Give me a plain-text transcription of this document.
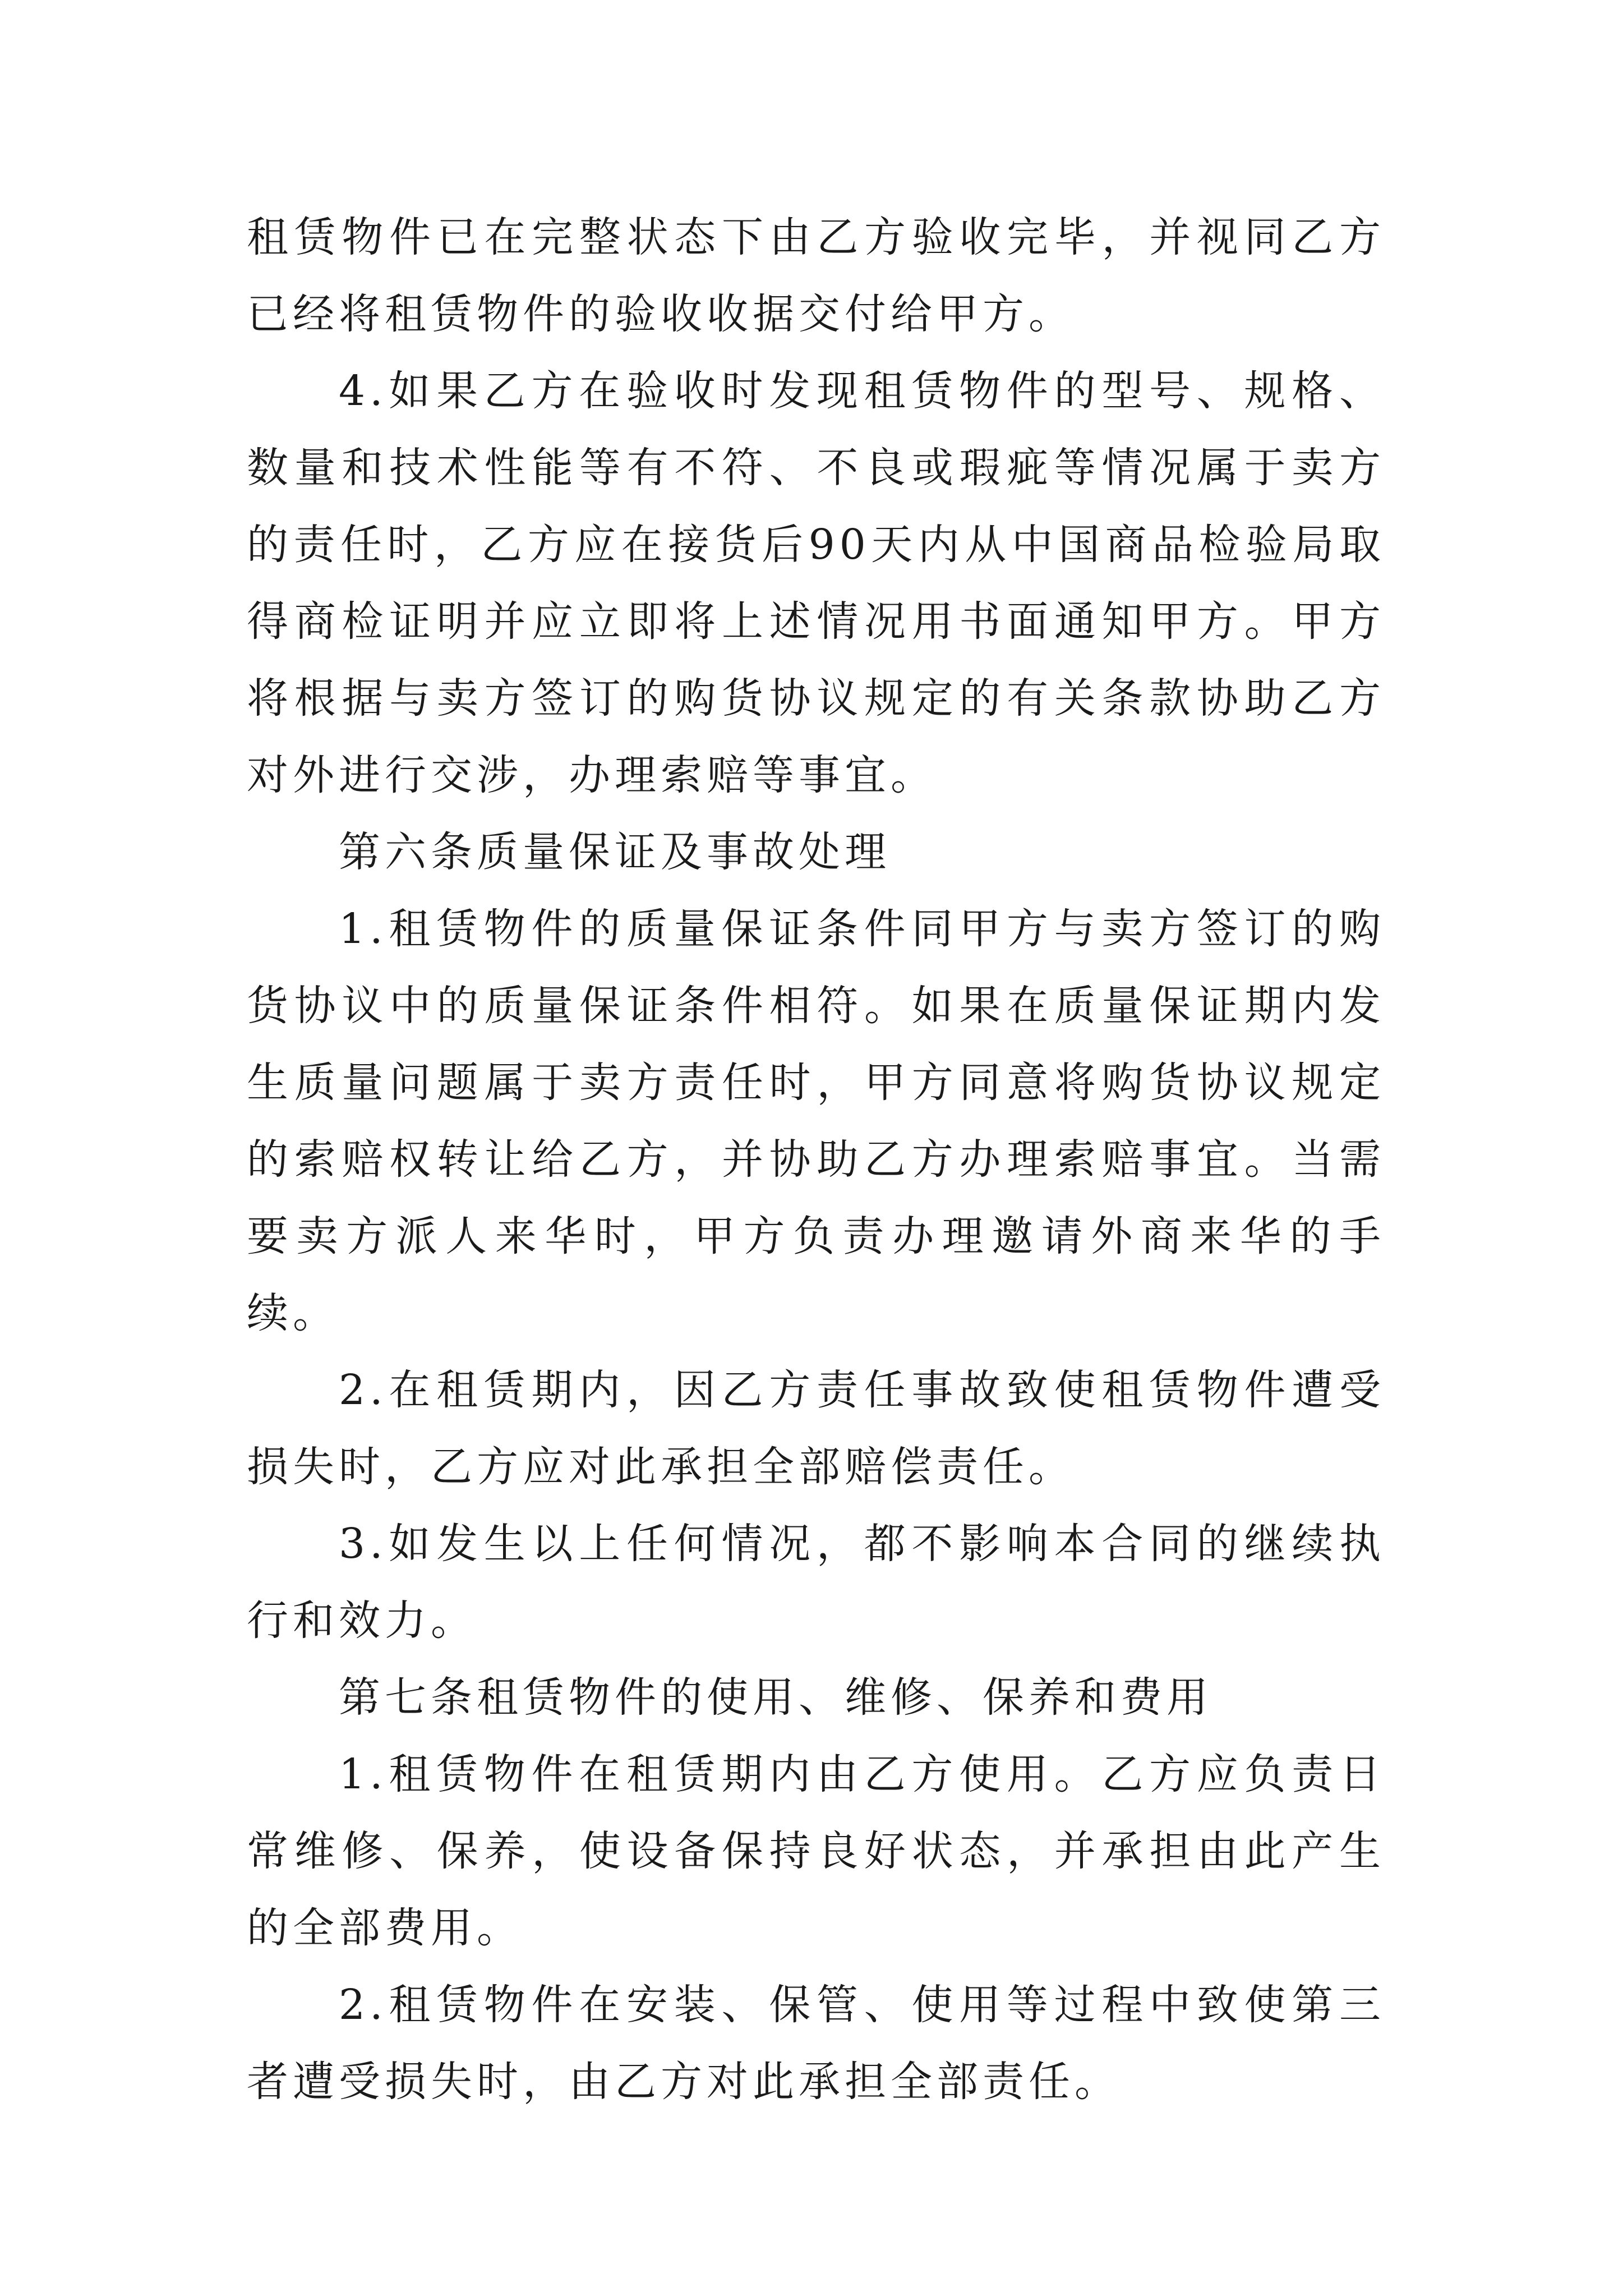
租赁物件已在完整状态下由乙方验收完毕，并视同乙方已经将租赁物件的验收收据交付给甲方。

4.如果乙方在验收时发现租赁物件的型号、规格、数量和技术性能等有不符、不良或瑕疵等情况属于卖方的责任时，乙方应在接货后90天内从中国商品检验局取得商检证明并应立即将上述情况用书面通知甲方。甲方将根据与卖方签订的购货协议规定的有关条款协助乙方对外进行交涉，办理索赔等事宜。

第六条质量保证及事故处理

1.租赁物件的质量保证条件同甲方与卖方签订的购货协议中的质量保证条件相符。如果在质量保证期内发生质量问题属于卖方责任时，甲方同意将购货协议规定的索赔权转让给乙方，并协助乙方办理索赔事宜。当需要卖方派人来华时，甲方负责办理邀请外商来华的手续。

2.在租赁期内，因乙方责任事故致使租赁物件遭受损失时，乙方应对此承担全部赔偿责任。

3.如发生以上任何情况，都不影响本合同的继续执行和效力。

第七条租赁物件的使用、维修、保养和费用

1.租赁物件在租赁期内由乙方使用。乙方应负责日常维修、保养，使设备保持良好状态，并承担由此产生的全部费用。

2.租赁物件在安装、保管、使用等过程中致使第三者遭受损失时，由乙方对此承担全部责任。
